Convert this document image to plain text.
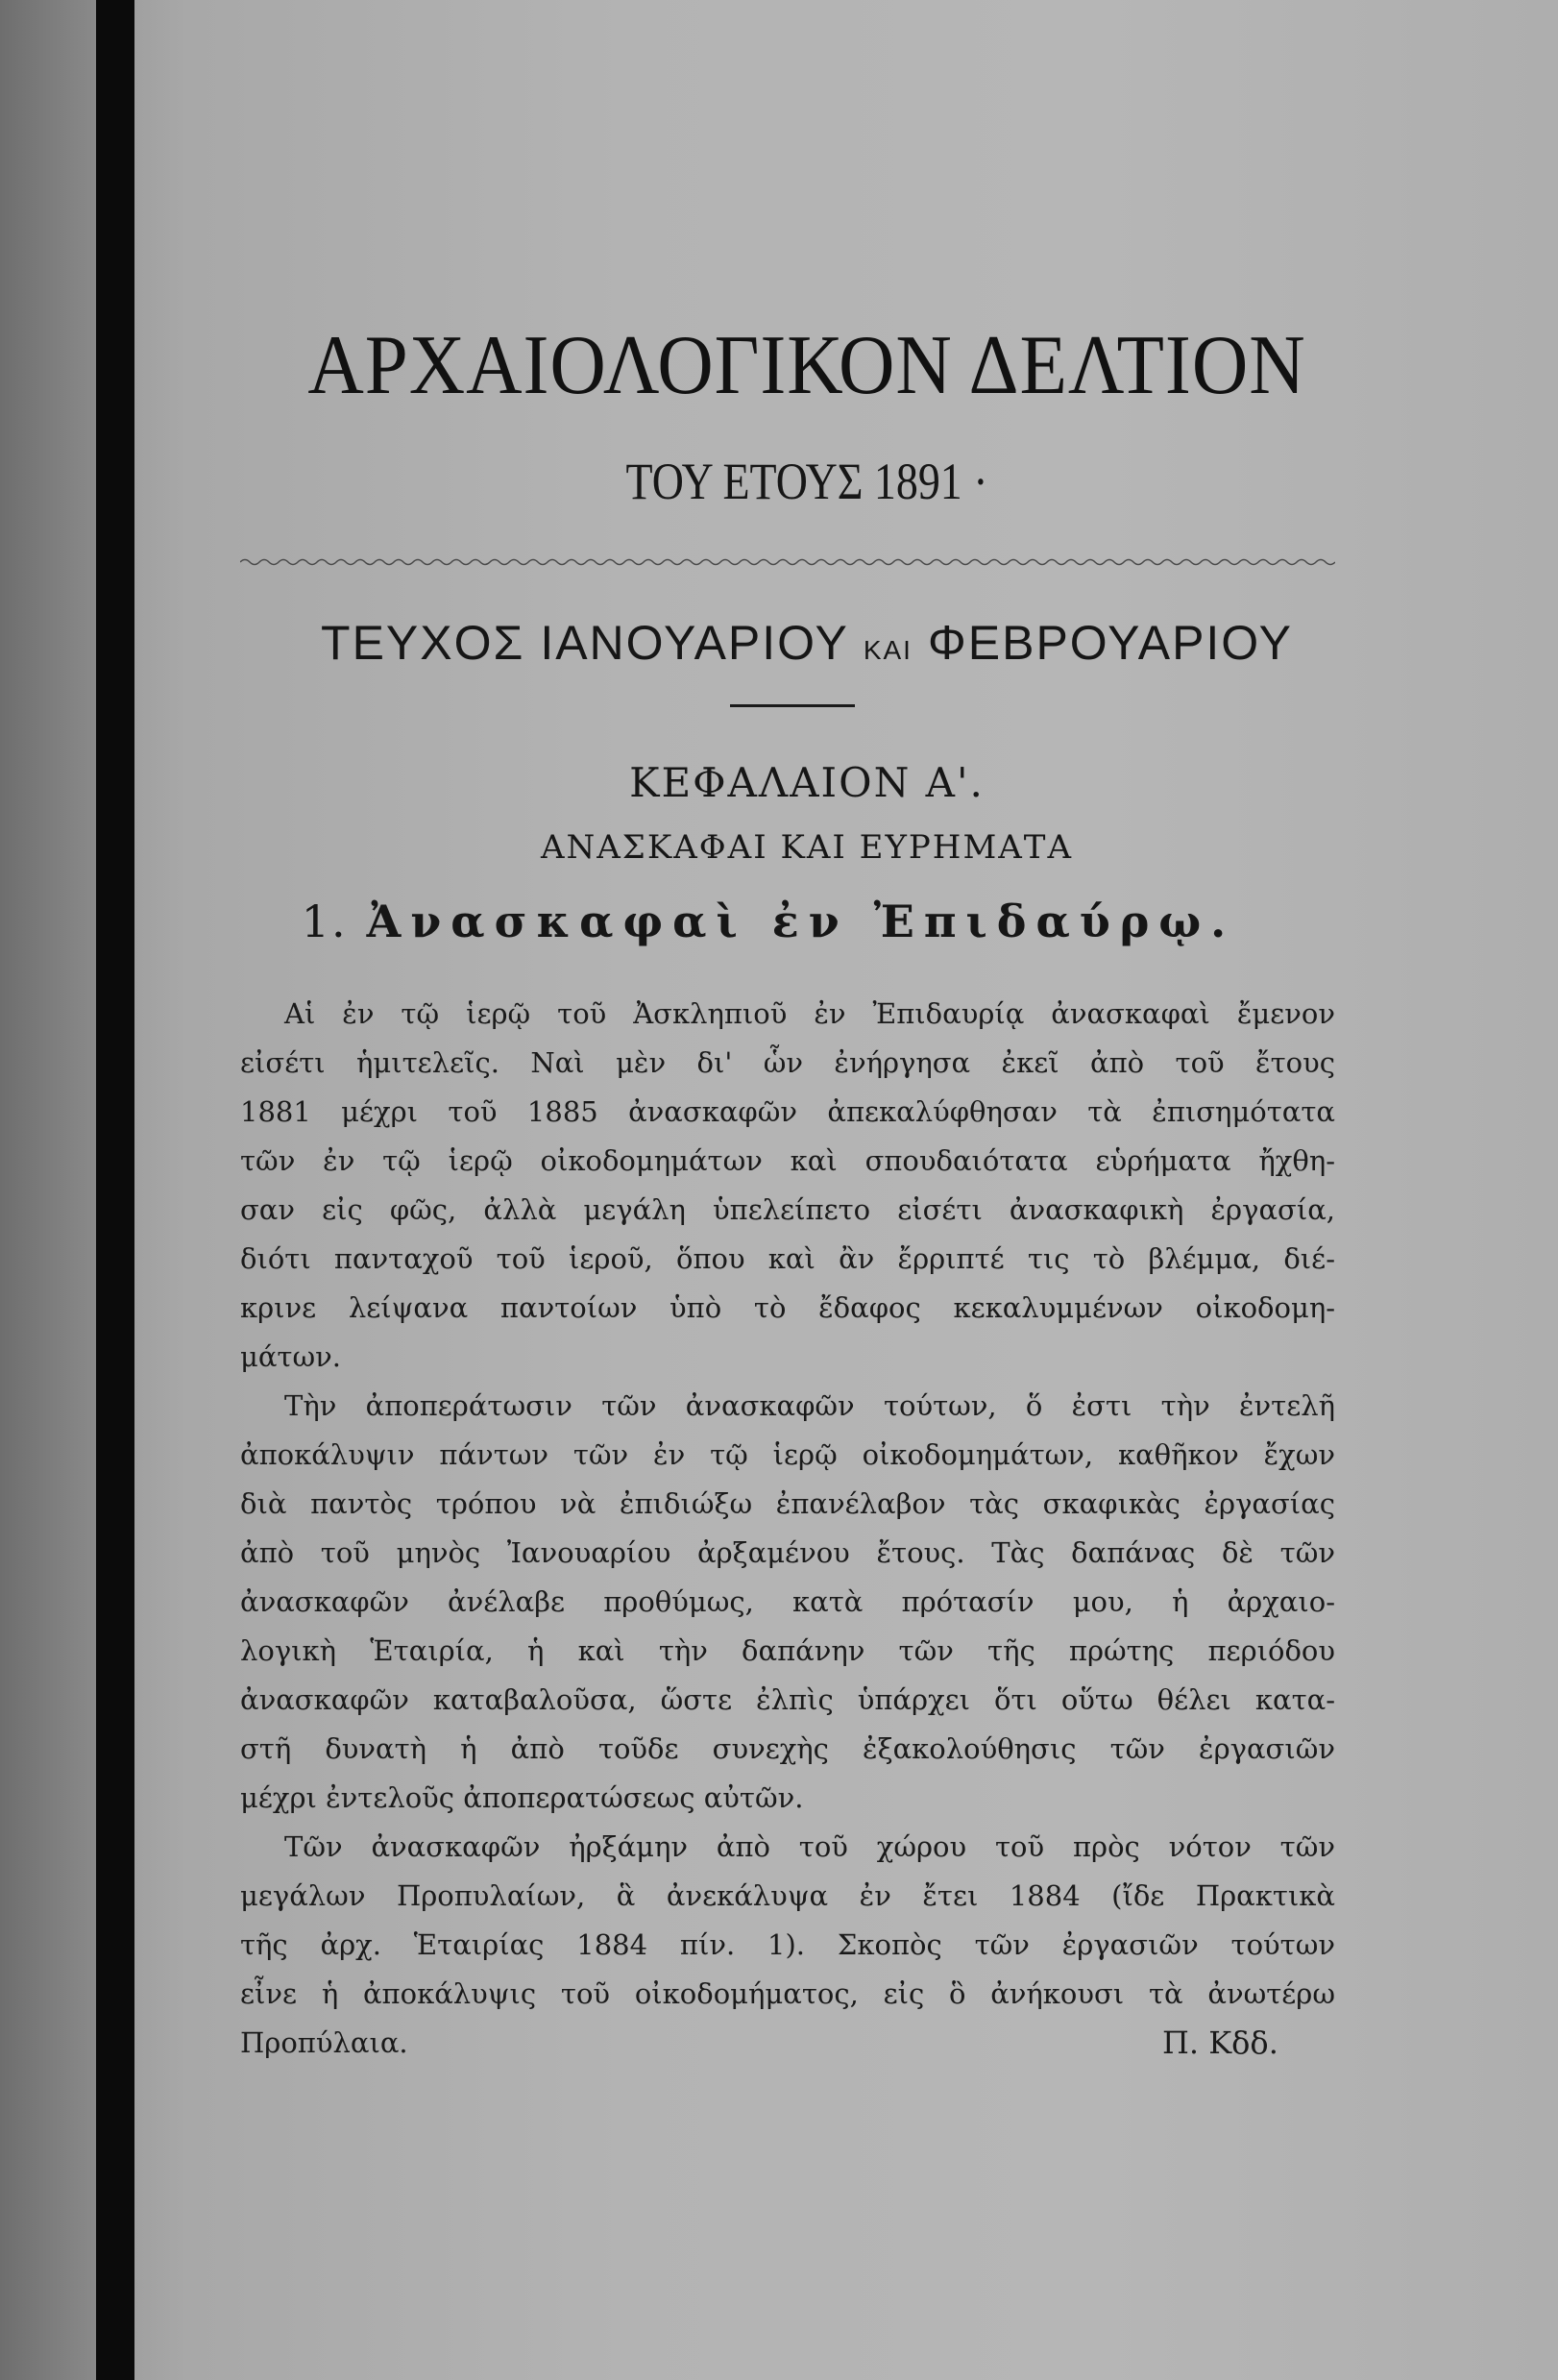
ΑΡΧΑΙΟΛΟΓΙΚΟΝ ΔΕΛΤΙΟΝ
ΤΟΥ ΕΤΟΥΣ 1891 ·
ΤΕΥΧΟΣ ΙΑΝΟΥΑΡΙΟΥ ΚΑΙ ΦΕΒΡΟΥΑΡΙΟΥ
ΚΕΦΑΛΑΙΟΝ Α'.
ΑΝΑΣΚΑΦΑΙ ΚΑΙ ΕΥΡΗΜΑΤΑ
1. Ἀνασκαφαὶ ἐν Ἐπιδαύρῳ.
Αἱ ἐν τῷ ἱερῷ τοῦ Ἀσκληπιοῦ ἐν Ἐπιδαυρίᾳ ἀνασκαφαὶ ἔμενον
εἰσέτι ἡμιτελεῖς. Ναὶ μὲν δι' ὧν ἐνήργησα ἐκεῖ ἀπὸ τοῦ ἔτους
1881 μέχρι τοῦ 1885 ἀνασκαφῶν ἀπεκαλύφθησαν τὰ ἐπισημότατα
τῶν ἐν τῷ ἱερῷ οἰκοδομημάτων καὶ σπουδαιότατα εὑρήματα ἤχθη-
σαν εἰς φῶς, ἀλλὰ μεγάλη ὑπελείπετο εἰσέτι ἀνασκαφικὴ ἐργασία,
διότι πανταχοῦ τοῦ ἱεροῦ, ὅπου καὶ ἂν ἔρριπτέ τις τὸ βλέμμα, διέ-
κρινε λείψανα παντοίων ὑπὸ τὸ ἔδαφος κεκαλυμμένων οἰκοδομη-
μάτων.
Τὴν ἀποπεράτωσιν τῶν ἀνασκαφῶν τούτων, ὅ ἐστι τὴν ἐντελῆ
ἀποκάλυψιν πάντων τῶν ἐν τῷ ἱερῷ οἰκοδομημάτων, καθῆκον ἔχων
διὰ παντὸς τρόπου νὰ ἐπιδιώξω ἐπανέλαβον τὰς σκαφικὰς ἐργασίας
ἀπὸ τοῦ μηνὸς Ἰανουαρίου ἀρξαμένου ἔτους. Τὰς δαπάνας δὲ τῶν
ἀνασκαφῶν ἀνέλαβε προθύμως, κατὰ πρότασίν μου, ἡ ἀρχαιο-
λογικὴ Ἑταιρία, ἡ καὶ τὴν δαπάνην τῶν τῆς πρώτης περιόδου
ἀνασκαφῶν καταβαλοῦσα, ὥστε ἐλπὶς ὑπάρχει ὅτι οὕτω θέλει κατα-
στῆ δυνατὴ ἡ ἀπὸ τοῦδε συνεχὴς ἐξακολούθησις τῶν ἐργασιῶν
μέχρι ἐντελοῦς ἀποπερατώσεως αὐτῶν.
Τῶν ἀνασκαφῶν ἠρξάμην ἀπὸ τοῦ χώρου τοῦ πρὸς νότον τῶν
μεγάλων Προπυλαίων, ἃ ἀνεκάλυψα ἐν ἔτει 1884 (ἴδε Πρακτικὰ
τῆς ἀρχ. Ἑταιρίας 1884 πίν. 1). Σκοπὸς τῶν ἐργασιῶν τούτων
εἶνε ἡ ἀποκάλυψις τοῦ οἰκοδομήματος, εἰς ὃ ἀνήκουσι τὰ ἀνωτέρω
Προπύλαια.	Π. Κδδ.
